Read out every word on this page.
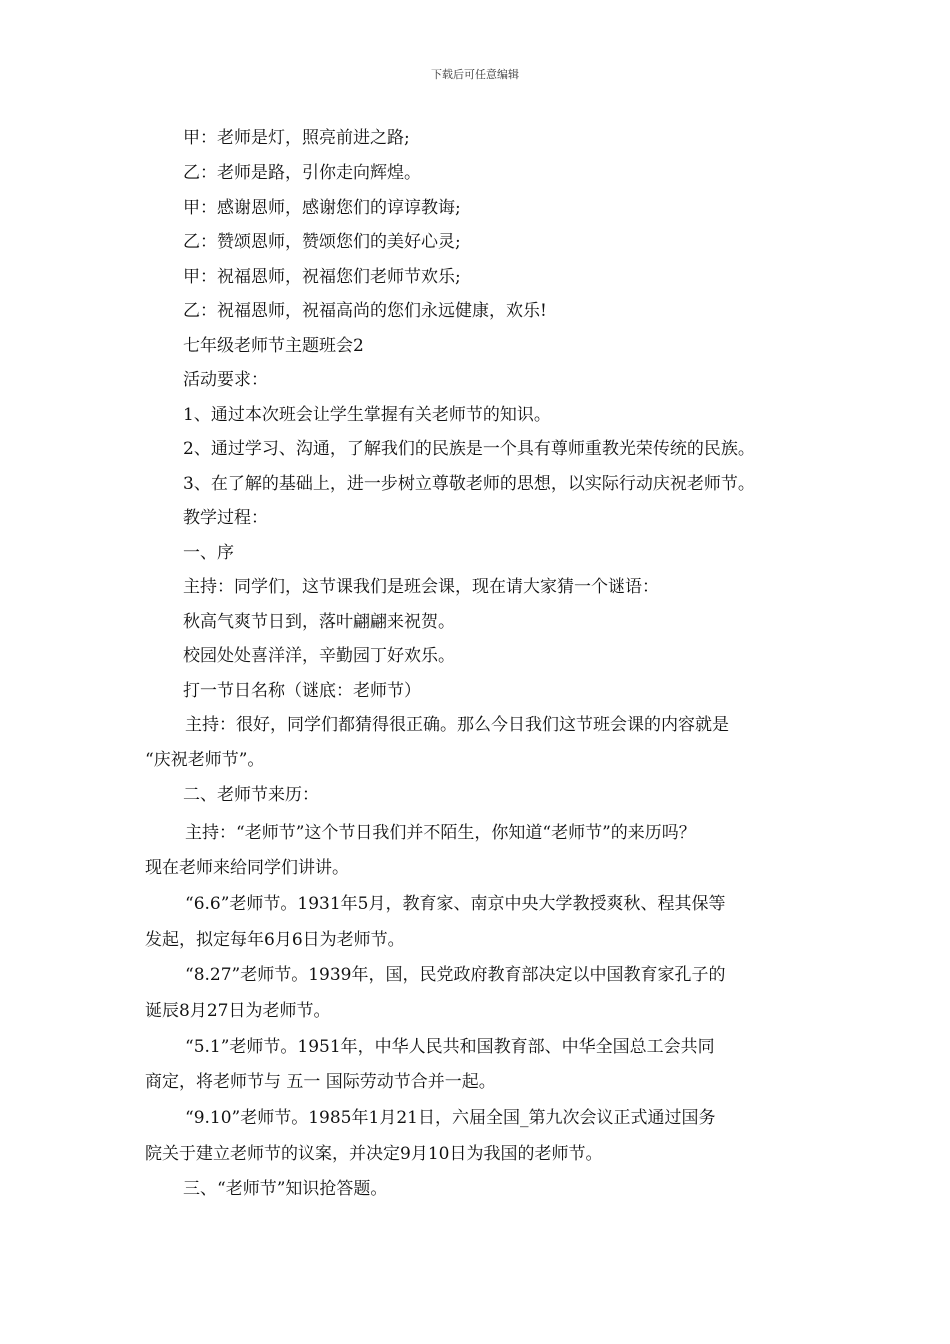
下载后可任意编辑
甲：老师是灯，照亮前进之路;
乙：老师是路，引你走向辉煌。
甲：感谢恩师，感谢您们的谆谆教诲;
乙：赞颂恩师，赞颂您们的美好心灵;
甲：祝福恩师，祝福您们老师节欢乐;
乙：祝福恩师，祝福高尚的您们永远健康，欢乐!
七年级老师节主题班会2
活动要求：
1、通过本次班会让学生掌握有关老师节的知识。
2、通过学习、沟通，了解我们的民族是一个具有尊师重教光荣传统的民族。
3、在了解的基础上，进一步树立尊敬老师的思想，以实际行动庆祝老师节。
教学过程：
一、序
主持：同学们，这节课我们是班会课，现在请大家猜一个谜语：
秋高气爽节日到，落叶翩翩来祝贺。
校园处处喜洋洋，辛勤园丁好欢乐。
打一节日名称（谜底：老师节）
主持：很好，同学们都猜得很正确。那么今日我们这节班会课的内容就是
“庆祝老师节”。
二、老师节来历：
主持：“老师节”这个节日我们并不陌生，你知道“老师节”的来历吗？
现在老师来给同学们讲讲。
“6.6”老师节。1931年5月，教育家、南京中央大学教授爽秋、程其保等
发起，拟定每年6月6日为老师节。
“8.27”老师节。1939年，国，民党政府教育部决定以中国教育家孔子的
诞辰8月27日为老师节。
“5.1”老师节。1951年，中华人民共和国教育部、中华全国总工会共同
商定，将老师节与 五一 国际劳动节合并一起。
“9.10”老师节。1985年1月21日，六届全国_第九次会议正式通过国务
院关于建立老师节的议案，并决定9月10日为我国的老师节。
三、“老师节”知识抢答题。
